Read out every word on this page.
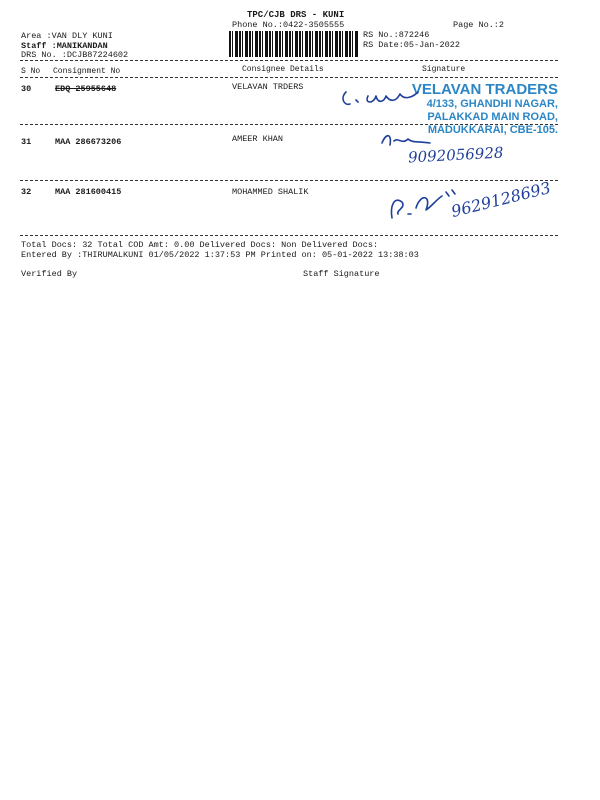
TPC/CJB DRS - KUNI
Phone No.:0422-3505555	Page No.:2
Area :VAN DLY KUNI
Staff :MANIKANDAN
DRS No. :DCJB87224602
RS No.:872246
RS Date:05-Jan-2022
S No Consignment No	Consignee Details	Signature
30	EDQ 25955648	VELAVAN TRDERS	VELAVAN TRADERS
4/133, GHANDHI NAGAR,
PALAKKAD MAIN ROAD,
MADUKKARAI, CBE-105.
31	MAA 286673206	AMEER KHAN
9092056928
32	MAA 281600415	MOHAMMED SHALIK	9629128693
Total Docs: 32 Total COD Amt: 0.00 Delivered Docs: Non Delivered Docs:
Entered By :THIRUMALKUNI 01/05/2022 1:37:53 PM Printed on: 05-01-2022 13:38:03
Verified By	Staff Signature
